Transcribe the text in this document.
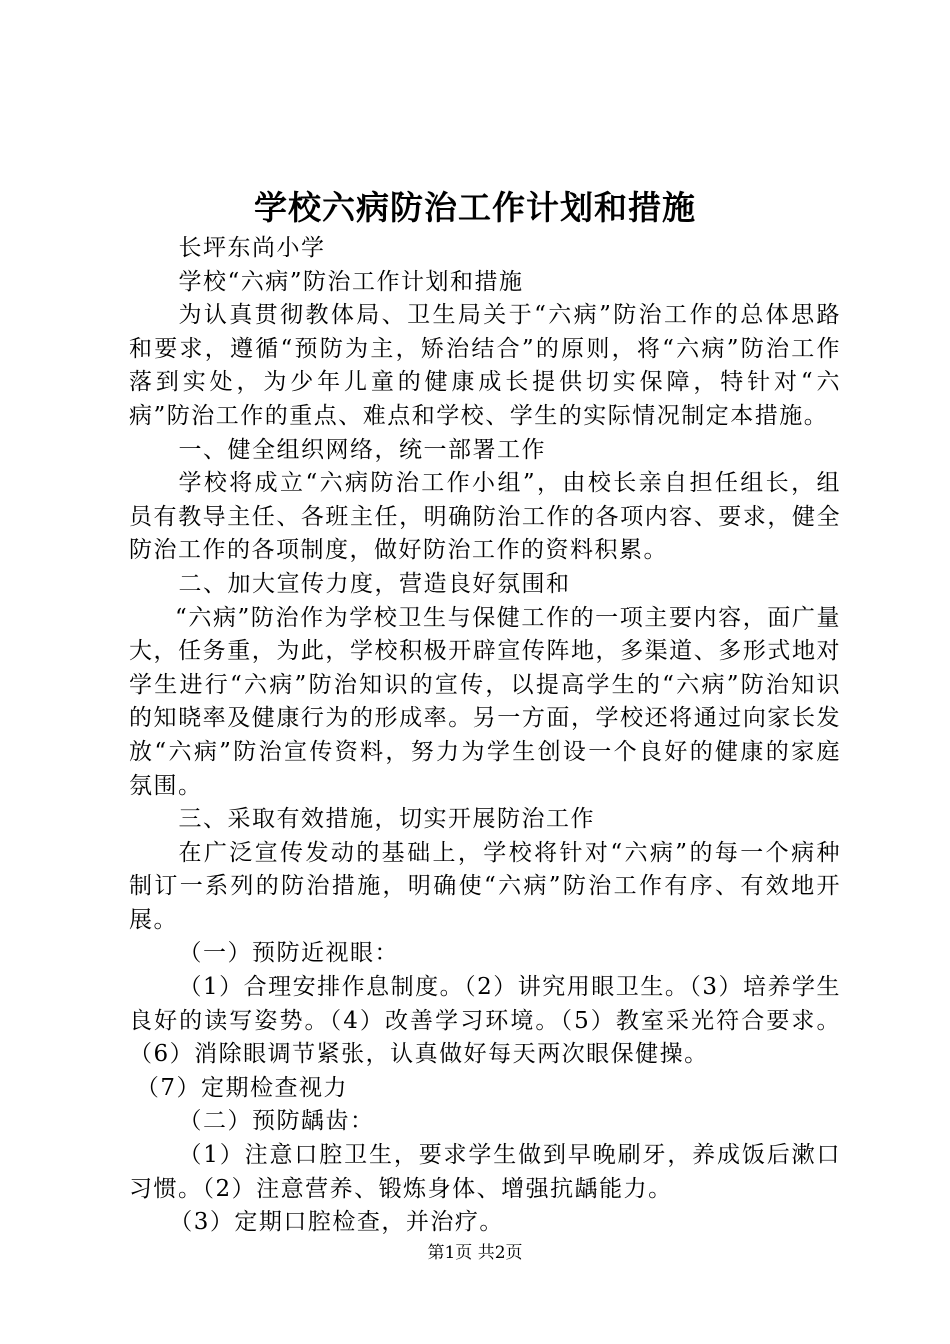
学校六病防治工作计划和措施

长坪东尚小学

学校“六病”防治工作计划和措施

为认真贯彻教体局、卫生局关于“六病”防治工作的总体思路和要求，遵循“预防为主，矫治结合”的原则，将“六病”防治工作落到实处，为少年儿童的健康成长提供切实保障，特针对“六病”防治工作的重点、难点和学校、学生的实际情况制定本措施。

一、健全组织网络，统一部署工作

学校将成立“六病防治工作小组”，由校长亲自担任组长，组员有教导主任、各班主任，明确防治工作的各项内容、要求，健全防治工作的各项制度，做好防治工作的资料积累。

二、加大宣传力度，营造良好氛围和

“六病”防治作为学校卫生与保健工作的一项主要内容，面广量大，任务重，为此，学校积极开辟宣传阵地，多渠道、多形式地对学生进行“六病”防治知识的宣传，以提高学生的“六病”防治知识的知晓率及健康行为的形成率。另一方面，学校还将通过向家长发放“六病”防治宣传资料，努力为学生创设一个良好的健康的家庭氛围。

三、采取有效措施，切实开展防治工作

在广泛宣传发动的基础上，学校将针对“六病”的每一个病种制订一系列的防治措施，明确使“六病”防治工作有序、有效地开展。

（一）预防近视眼：

（1）合理安排作息制度。（2）讲究用眼卫生。（3）培养学生良好的读写姿势。（4）改善学习环境。（5）教室采光符合要求。（6）消除眼调节紧张，认真做好每天两次眼保健操。

（7）定期检查视力

（二）预防龋齿：

（1）注意口腔卫生，要求学生做到早晚刷牙，养成饭后漱口习惯。（2）注意营养、锻炼身体、增强抗龋能力。

（3）定期口腔检查，并治疗。

第1页 共2页
